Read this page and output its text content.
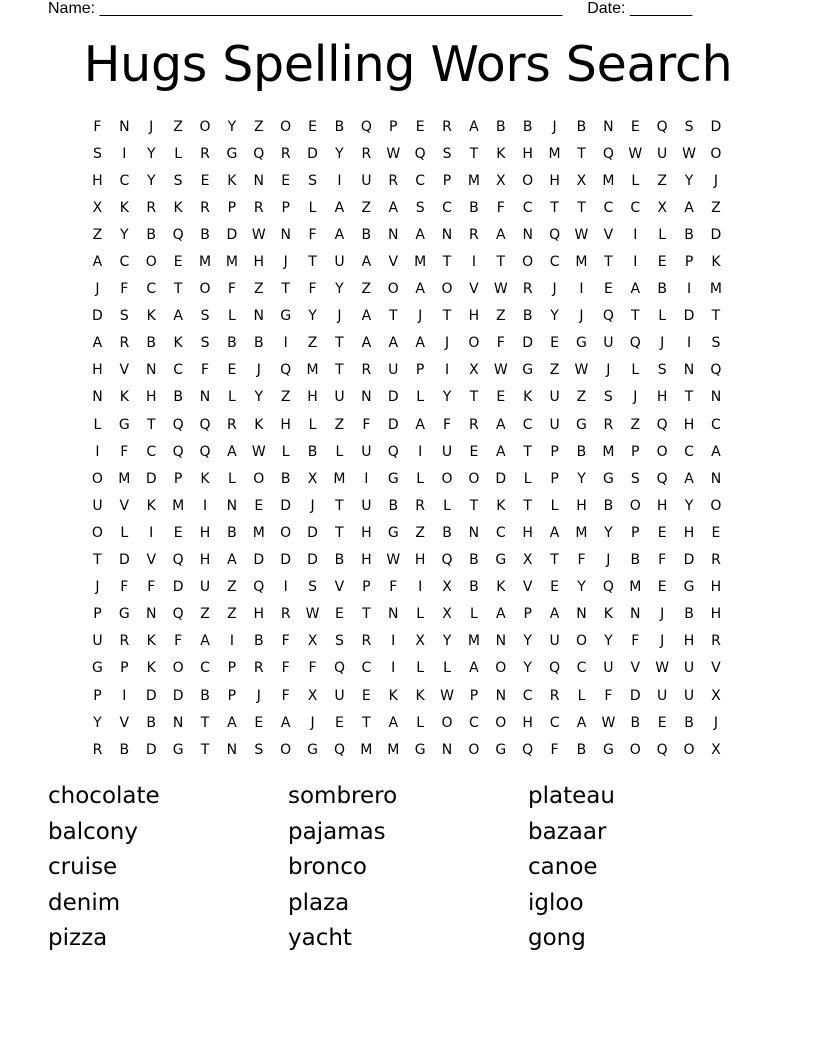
Name: ____________________________________________________ Date: _______
Hugs Spelling Wors Search
F	N	J	Z	O	Y	Z	O	E	B	Q	P	E	R	A	B	B	J	B	N	E	Q	S	D
S	I	Y	L	R	G	Q	R	D	Y	R	W	Q	S	T	K	H	M	T	Q	W	U	W	O
H	C	Y	S	E	K	N	E	S	I	U	R	C	P	M	X	O	H	X	M	L	Z	Y	J
X	K	R	K	R	P	R	P	L	A	Z	A	S	C	B	F	C	T	T	C	C	X	A	Z
Z	Y	B	Q	B	D	W	N	F	A	B	N	A	N	R	A	N	Q	W	V	I	L	B	D
A	C	O	E	M	M	H	J	T	U	A	V	M	T	I	T	O	C	M	T	I	E	P	K
J	F	C	T	O	F	Z	T	F	Y	Z	O	A	O	V	W	R	J	I	E	A	B	I	M
D	S	K	A	S	L	N	G	Y	J	A	T	J	T	H	Z	B	Y	J	Q	T	L	D	T
A	R	B	K	S	B	B	I	Z	T	A	A	A	J	O	F	D	E	G	U	Q	J	I	S
H	V	N	C	F	E	J	Q	M	T	R	U	P	I	X	W	G	Z	W	J	L	S	N	Q
N	K	H	B	N	L	Y	Z	H	U	N	D	L	Y	T	E	K	U	Z	S	J	H	T	N
L	G	T	Q	Q	R	K	H	L	Z	F	D	A	F	R	A	C	U	G	R	Z	Q	H	C
I	F	C	Q	Q	A	W	L	B	L	U	Q	I	U	E	A	T	P	B	M	P	O	C	A
O	M	D	P	K	L	O	B	X	M	I	G	L	O	O	D	L	P	Y	G	S	Q	A	N
U	V	K	M	I	N	E	D	J	T	U	B	R	L	T	K	T	L	H	B	O	H	Y	O
O	L	I	E	H	B	M	O	D	T	H	G	Z	B	N	C	H	A	M	Y	P	E	H	E
T	D	V	Q	H	A	D	D	D	B	H	W	H	Q	B	G	X	T	F	J	B	F	D	R
J	F	F	D	U	Z	Q	I	S	V	P	F	I	X	B	K	V	E	Y	Q	M	E	G	H
P	G	N	Q	Z	Z	H	R	W	E	T	N	L	X	L	A	P	A	N	K	N	J	B	H
U	R	K	F	A	I	B	F	X	S	R	I	X	Y	M	N	Y	U	O	Y	F	J	H	R
G	P	K	O	C	P	R	F	F	Q	C	I	L	L	A	O	Y	Q	C	U	V	W	U	V
P	I	D	D	B	P	J	F	X	U	E	K	K	W	P	N	C	R	L	F	D	U	U	X
Y	V	B	N	T	A	E	A	J	E	T	A	L	O	C	O	H	C	A	W	B	E	B	J
R	B	D	G	T	N	S	O	G	Q	M	M	G	N	O	G	Q	F	B	G	O	Q	O	X
chocolate
balcony
cruise
denim
pizza
sombrero
pajamas
bronco
plaza
yacht
plateau
bazaar
canoe
igloo
gong
